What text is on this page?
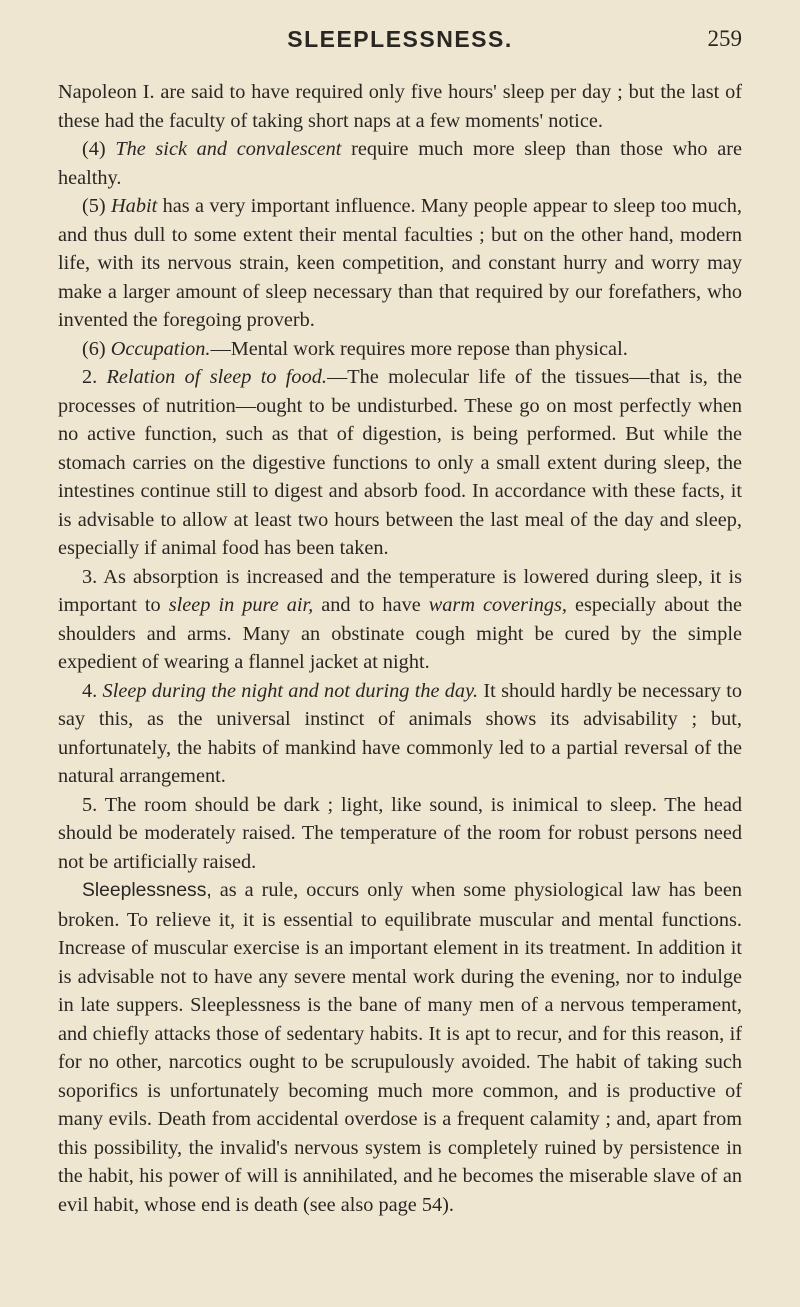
SLEEPLESSNESS.	259

Napoleon I. are said to have required only five hours' sleep per day ; but the last of these had the faculty of taking short naps at a few moments' notice.

(4) The sick and convalescent require much more sleep than those who are healthy.

(5) Habit has a very important influence. Many people appear to sleep too much, and thus dull to some extent their mental faculties ; but on the other hand, modern life, with its nervous strain, keen competition, and constant hurry and worry may make a larger amount of sleep necessary than that required by our forefathers, who invented the foregoing proverb.

(6) Occupation.—Mental work requires more repose than physical.

2. Relation of sleep to food.—The molecular life of the tissues—that is, the processes of nutrition—ought to be undisturbed. These go on most perfectly when no active function, such as that of digestion, is being performed. But while the stomach carries on the digestive functions to only a small extent during sleep, the intestines continue still to digest and absorb food. In accordance with these facts, it is advisable to allow at least two hours between the last meal of the day and sleep, especially if animal food has been taken.

3. As absorption is increased and the temperature is lowered during sleep, it is important to sleep in pure air, and to have warm coverings, especially about the shoulders and arms. Many an obstinate cough might be cured by the simple expedient of wearing a flannel jacket at night.

4. Sleep during the night and not during the day. It should hardly be necessary to say this, as the universal instinct of animals shows its advisability ; but, unfortunately, the habits of mankind have commonly led to a partial reversal of the natural arrangement.

5. The room should be dark ; light, like sound, is inimical to sleep. The head should be moderately raised. The temperature of the room for robust persons need not be artificially raised.

Sleeplessness, as a rule, occurs only when some physiological law has been broken. To relieve it, it is essential to equilibrate muscular and mental functions. Increase of muscular exercise is an important element in its treatment. In addition it is advisable not to have any severe mental work during the evening, nor to indulge in late suppers. Sleeplessness is the bane of many men of a nervous temperament, and chiefly attacks those of sedentary habits. It is apt to recur, and for this reason, if for no other, narcotics ought to be scrupulously avoided. The habit of taking such soporifics is unfortunately becoming much more common, and is productive of many evils. Death from accidental overdose is a frequent calamity ; and, apart from this possibility, the invalid's nervous system is completely ruined by persistence in the habit, his power of will is annihilated, and he becomes the miserable slave of an evil habit, whose end is death (see also page 54).
